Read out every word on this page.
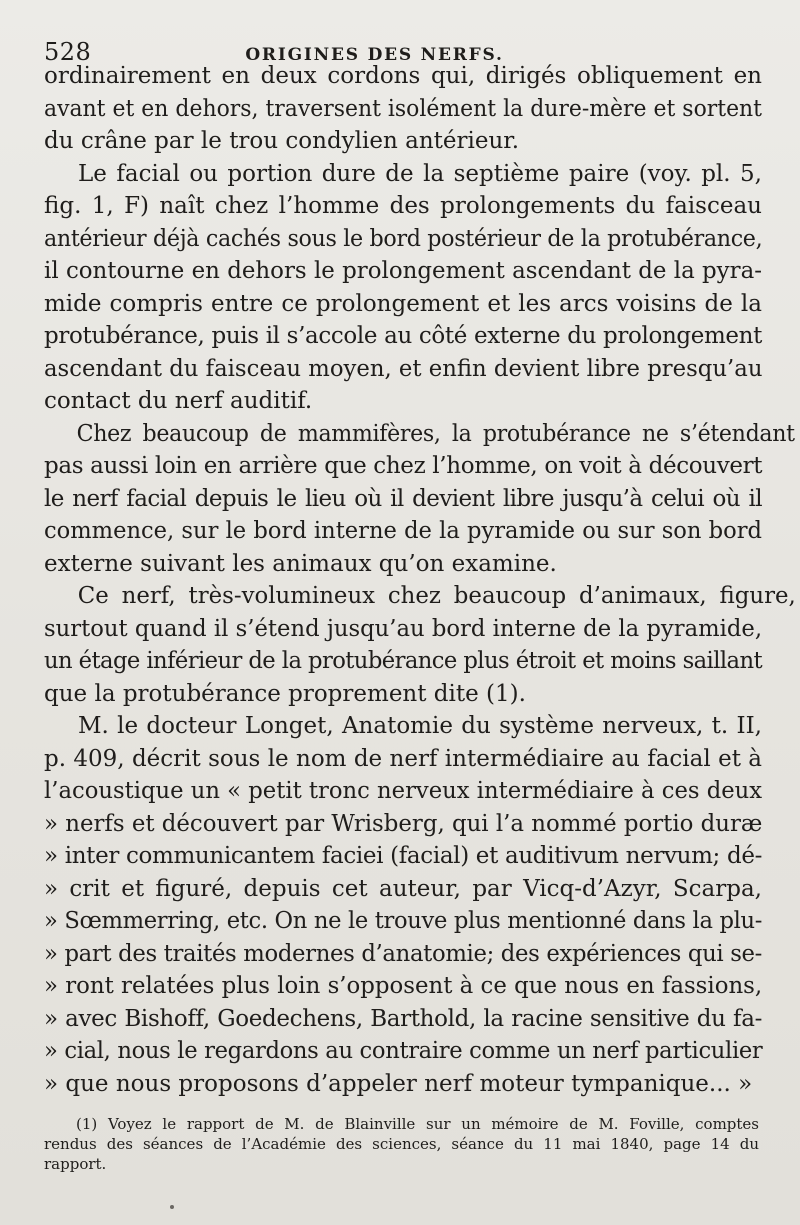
528	ORIGINES DES NERFS.
ordinairement en deux cordons qui, dirigés obliquement en
avant et en dehors, traversent isolément la dure-mère et sortent
du crâne par le trou condylien antérieur.
Le facial ou portion dure de la septième paire (voy. pl. 5,
fig. 1, F) naît chez l’homme des prolongements du faisceau
antérieur déjà cachés sous le bord postérieur de la protubérance,
il contourne en dehors le prolongement ascendant de la pyra-
mide compris entre ce prolongement et les arcs voisins de la
protubérance, puis il s’accole au côté externe du prolongement
ascendant du faisceau moyen, et enfin devient libre presqu’au
contact du nerf auditif.
Chez beaucoup de mammifères, la protubérance ne s’étendant
pas aussi loin en arrière que chez l’homme, on voit à découvert
le nerf facial depuis le lieu où il devient libre jusqu’à celui où il
commence, sur le bord interne de la pyramide ou sur son bord
externe suivant les animaux qu’on examine.
Ce nerf, très-volumineux chez beaucoup d’animaux, figure,
surtout quand il s’étend jusqu’au bord interne de la pyramide,
un étage inférieur de la protubérance plus étroit et moins saillant
que la protubérance proprement dite (1).
M. le docteur Longet, Anatomie du système nerveux, t. II,
p. 409, décrit sous le nom de nerf intermédiaire au facial et à
l’acoustique un « petit tronc nerveux intermédiaire à ces deux
» nerfs et découvert par Wrisberg, qui l’a nommé portio duræ
» inter communicantem faciei (facial) et auditivum nervum; dé-
» crit et figuré, depuis cet auteur, par Vicq-d’Azyr, Scarpa,
» Sœmmerring, etc. On ne le trouve plus mentionné dans la plu-
» part des traités modernes d’anatomie; des expériences qui se-
» ront relatées plus loin s’opposent à ce que nous en fassions,
» avec Bishoff, Goedechens, Barthold, la racine sensitive du fa-
» cial, nous le regardons au contraire comme un nerf particulier
» que nous proposons d’appeler nerf moteur tympanique... »
(1) Voyez le rapport de M. de Blainville sur un mémoire de M. Foville, comptes
rendus des séances de l’Académie des sciences, séance du 11 mai 1840, page 14 du
rapport.
